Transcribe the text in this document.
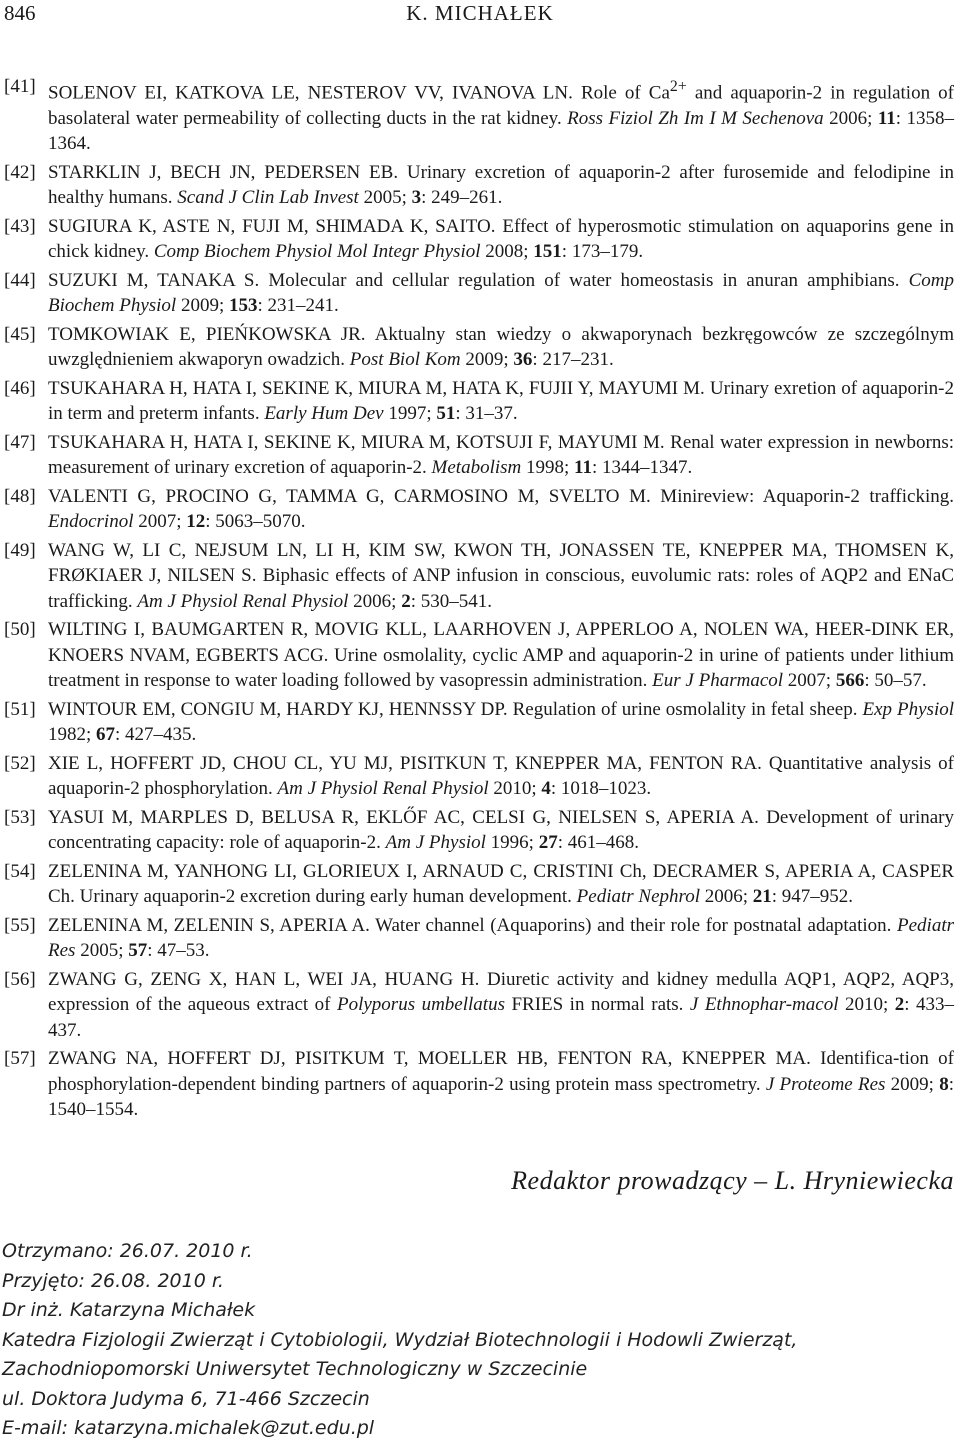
846	K. MICHAŁEK

[41] SOLENOV EI, KATKOVA LE, NESTEROV VV, IVANOVA LN. Role of $Ca^{2+}$ and aquaporin-2 in regulation of basolateral water permeability of collecting ducts in the rat kidney. Ross Fiziol Zh Im I M Sechenova 2006; 11: 1358–1364.

[42] STARKLIN J, BECH JN, PEDERSEN EB. Urinary excretion of aquaporin-2 after furosemide and felodipine in healthy humans. Scand J Clin Lab Invest 2005; 3: 249–261.

[43] SUGIURA K, ASTE N, FUJI M, SHIMADA K, SAITO. Effect of hyperosmotic stimulation on aquaporins gene in chick kidney. Comp Biochem Physiol Mol Integr Physiol 2008; 151: 173–179.

[44] SUZUKI M, TANAKA S. Molecular and cellular regulation of water homeostasis in anuran amphibians. Comp Biochem Physiol 2009; 153: 231–241.

[45] TOMKOWIAK E, PIEŃKOWSKA JR. Aktualny stan wiedzy o akwaporynach bezkręgowców ze szczególnym uwzględnieniem akwaporyn owadzich. Post Biol Kom 2009; 36: 217–231.

[46] TSUKAHARA H, HATA I, SEKINE K, MIURA M, HATA K, FUJII Y, MAYUMI M. Urinary exretion of aquaporin-2 in term and preterm infants. Early Hum Dev 1997; 51: 31–37.

[47] TSUKAHARA H, HATA I, SEKINE K, MIURA M, KOTSUJI F, MAYUMI M. Renal water expression in newborns: measurement of urinary excretion of aquaporin-2. Metabolism 1998; 11: 1344–1347.

[48] VALENTI G, PROCINO G, TAMMA G, CARMOSINO M, SVELTO M. Minireview: Aquaporin-2 trafficking. Endocrinol 2007; 12: 5063–5070.

[49] WANG W, LI C, NEJSUM LN, LI H, KIM SW, KWON TH, JONASSEN TE, KNEPPER MA, THOMSEN K, FRØKIAER J, NILSEN S. Biphasic effects of ANP infusion in conscious, euvolumic rats: roles of AQP2 and ENaC trafficking. Am J Physiol Renal Physiol 2006; 2: 530–541.

[50] WILTING I, BAUMGARTEN R, MOVIG KLL, LAARHOVEN J, APPERLOO A, NOLEN WA, HEER-DINK ER, KNOERS NVAM, EGBERTS ACG. Urine osmolality, cyclic AMP and aquaporin-2 in urine of patients under lithium treatment in response to water loading followed by vasopressin administration. Eur J Pharmacol 2007; 566: 50–57.

[51] WINTOUR EM, CONGIU M, HARDY KJ, HENNSSY DP. Regulation of urine osmolality in fetal sheep. Exp Physiol 1982; 67: 427–435.

[52] XIE L, HOFFERT JD, CHOU CL, YU MJ, PISITKUN T, KNEPPER MA, FENTON RA. Quantitative analysis of aquaporin-2 phosphorylation. Am J Physiol Renal Physiol 2010; 4: 1018–1023.

[53] YASUI M, MARPLES D, BELUSA R, EKLŐF AC, CELSI G, NIELSEN S, APERIA A. Development of urinary concentrating capacity: role of aquaporin-2. Am J Physiol 1996; 27: 461–468.

[54] ZELENINA M, YANHONG LI, GLORIEUX I, ARNAUD C, CRISTINI Ch, DECRAMER S, APERIA A, CASPER Ch. Urinary aquaporin-2 excretion during early human development. Pediatr Nephrol 2006; 21: 947–952.

[55] ZELENINA M, ZELENIN S, APERIA A. Water channel (Aquaporins) and their role for postnatal adaptation. Pediatr Res 2005; 57: 47–53.

[56] ZWANG G, ZENG X, HAN L, WEI JA, HUANG H. Diuretic activity and kidney medulla AQP1, AQP2, AQP3, expression of the aqueous extract of Polyporus umbellatus FRIES in normal rats. J Ethnophar-macol 2010; 2: 433–437.

[57] ZWANG NA, HOFFERT DJ, PISITKUM T, MOELLER HB, FENTON RA, KNEPPER MA. Identifica-tion of phosphorylation-dependent binding partners of aquaporin-2 using protein mass spectrometry. J Proteome Res 2009; 8: 1540–1554.

Redaktor prowadzący – L. Hryniewiecka
Otrzymano: 26.07. 2010 r.
Przyjęto: 26.08. 2010 r.
Dr inż. Katarzyna Michałek
Katedra Fizjologii Zwierząt i Cytobiologii, Wydział Biotechnologii i Hodowli Zwierząt,
Zachodniopomorski Uniwersytet Technologiczny w Szczecinie
ul. Doktora Judyma 6, 71-466 Szczecin
E-mail: katarzyna.michalek@zut.edu.pl
